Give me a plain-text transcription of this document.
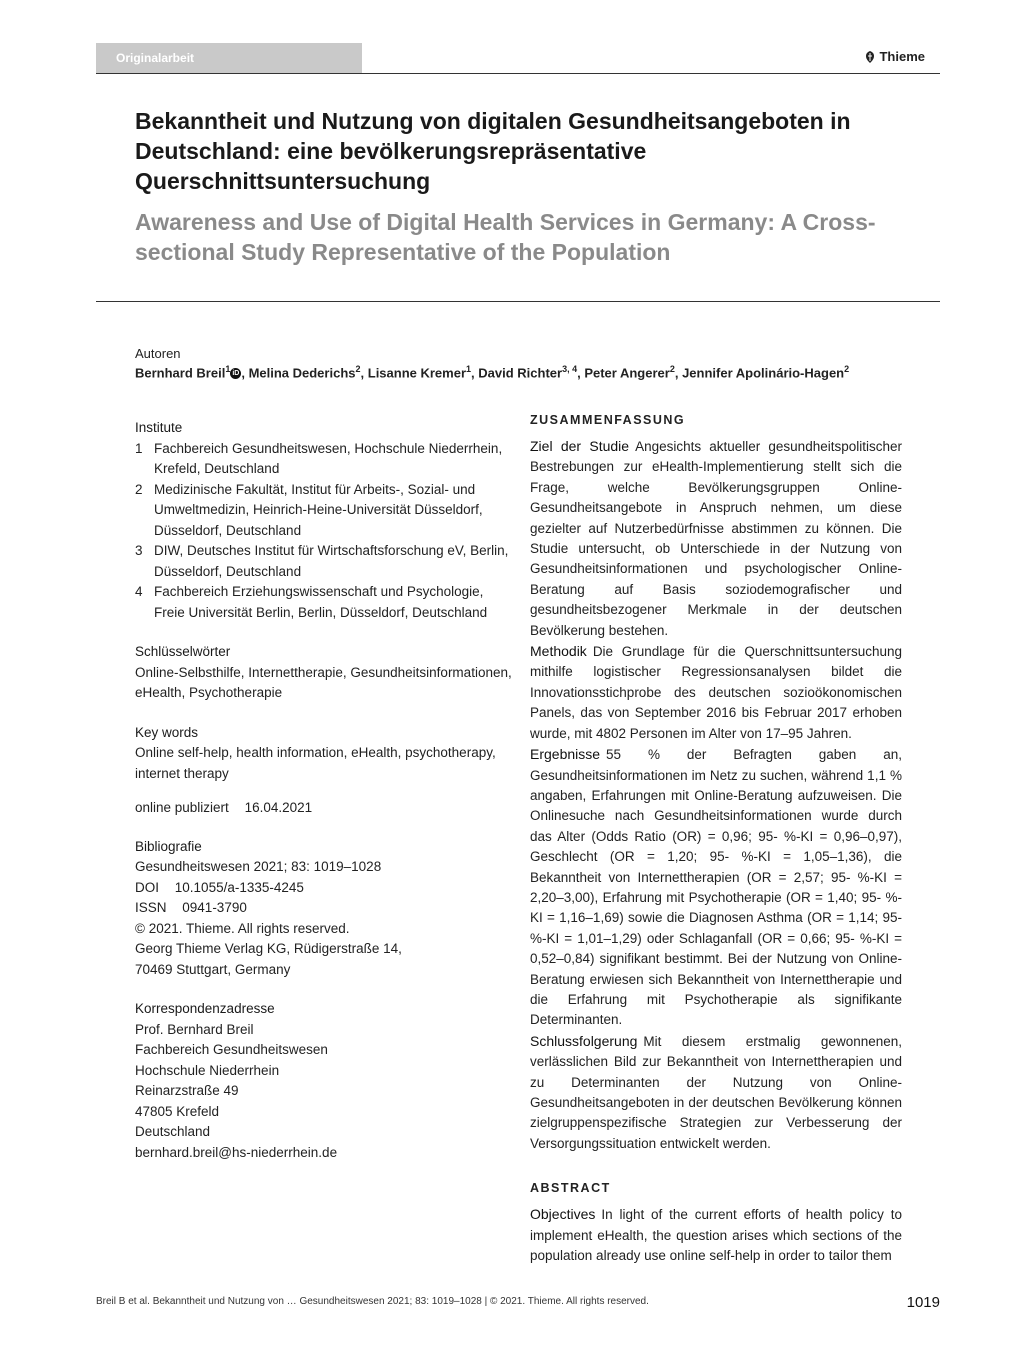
Originalarbeit	Thieme
Bekanntheit und Nutzung von digitalen Gesundheitsangeboten in Deutschland: eine bevölkerungsrepräsentative Querschnittsuntersuchung
Awareness and Use of Digital Health Services in Germany: A Cross-sectional Study Representative of the Population
Autoren
Bernhard Breil$^1$ iD , Melina Dederichs$^2$, Lisanne Kremer$^1$, David Richter$^{3, 4}$, Peter Angerer$^2$, Jennifer Apolinário-Hagen$^2$

Institute

1 Fachbereich Gesundheitswesen, Hochschule Niederrhein, Krefeld, Deutschland
2 Medizinische Fakultät, Institut für Arbeits-, Sozial- und Umweltmedizin, Heinrich-Heine-Universität Düsseldorf, Düsseldorf, Deutschland
3 DIW, Deutsches Institut für Wirtschaftsforschung eV, Berlin, Düsseldorf, Deutschland
4 Fachbereich Erziehungswissenschaft und Psychologie, Freie Universität Berlin, Berlin, Düsseldorf, Deutschland

Schlüsselwörter

Online-Selbsthilfe, Internettherapie, Gesundheitsinformationen, eHealth, Psychotherapie

Key words

Online self-help, health information, eHealth, psychotherapy, internet therapy
online publiziert 16.04.2021

Bibliografie

Gesundheitswesen 2021; 83: 1019–1028
DOI 10.1055/a-1335-4245
ISSN 0941-3790
© 2021. Thieme. All rights reserved.
Georg Thieme Verlag KG, Rüdigerstraße 14,
70469 Stuttgart, Germany

Korrespondenzadresse

Prof. Bernhard Breil
Fachbereich Gesundheitswesen
Hochschule Niederrhein
Reinarzstraße 49
47805 Krefeld
Deutschland
bernhard.breil@hs-niederrhein.de

ZUSAMMENFASSUNG

Ziel der Studie Angesichts aktueller gesundheitspolitischer Bestrebungen zur eHealth-Implementierung stellt sich die Frage, welche Bevölkerungsgruppen Online-Gesundheitsangebote in Anspruch nehmen, um diese gezielter auf Nutzerbedürfnisse abstimmen zu können. Die Studie untersucht, ob Unterschiede in der Nutzung von Gesundheitsinformationen und psychologischer Online-Beratung auf Basis soziodemografischer und gesundheitsbezogener Merkmale in der deutschen Bevölkerung bestehen.

Methodik Die Grundlage für die Querschnittsuntersuchung mithilfe logistischer Regressionsanalysen bildet die Innovationsstichprobe des deutschen sozioökonomischen Panels, das von September 2016 bis Februar 2017 erhoben wurde, mit 4802 Personen im Alter von 17–95 Jahren.

Ergebnisse 55 % der Befragten gaben an, Gesundheitsinformationen im Netz zu suchen, während 1,1 % angaben, Erfahrungen mit Online-Beratung aufzuweisen. Die Onlinesuche nach Gesundheitsinformationen wurde durch das Alter (Odds Ratio (OR) = 0,96; 95- %-KI = 0,96–0,97), Geschlecht (OR = 1,20; 95- %-KI = 1,05–1,36), die Bekanntheit von Internettherapien (OR = 2,57; 95- %-KI = 2,20–3,00), Erfahrung mit Psychotherapie (OR = 1,40; 95- %-KI = 1,16–1,69) sowie die Diagnosen Asthma (OR = 1,14; 95- %-KI = 1,01–1,29) oder Schlaganfall (OR = 0,66; 95- %-KI = 0,52–0,84) signifikant bestimmt. Bei der Nutzung von Online-Beratung erwiesen sich Bekanntheit von Internettherapie und die Erfahrung mit Psychotherapie als signifikante Determinanten.

Schlussfolgerung Mit diesem erstmalig gewonnenen, verlässlichen Bild zur Bekanntheit von Internettherapien und zu Determinanten der Nutzung von Online-Gesundheitsangeboten in der deutschen Bevölkerung können zielgruppenspezifische Strategien zur Verbesserung der Versorgungssituation entwickelt werden.

ABSTRACT

Objectives In light of the current efforts of health policy to implement eHealth, the question arises which sections of the population already use online self-help in order to tailor them

Breil B et al. Bekanntheit und Nutzung von … Gesundheitswesen 2021; 83: 1019–1028 | © 2021. Thieme. All rights reserved.	1019
